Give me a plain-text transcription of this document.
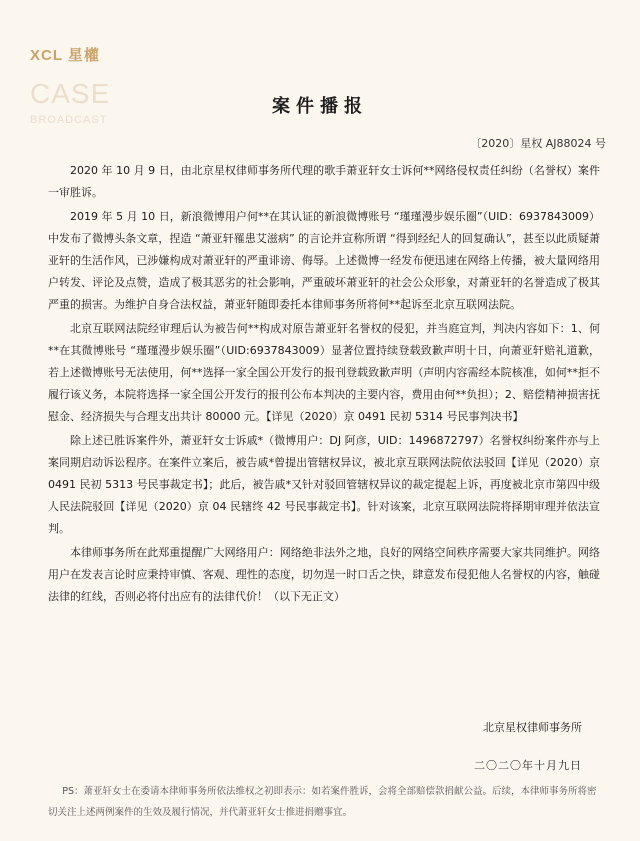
XCL 星權
CASE
BROADCAST
案件播报
〔2020〕星权 AJ88024 号

2020 年 10 月 9 日，由北京星权律师事务所代理的歌手萧亚轩女士诉何**网络侵权责任纠纷（名誉权）案件一审胜诉。

2019 年 5 月 10 日，新浪微博用户何**在其认证的新浪微博账号 “瑾瑾漫步娱乐圈”（UID：6937843009）中发布了微博头条文章，捏造 “萧亚轩罹患艾滋病” 的言论并宣称所谓 “得到经纪人的回复确认”，甚至以此质疑萧亚轩的生活作风，已涉嫌构成对萧亚轩的严重诽谤、侮辱。上述微博一经发布便迅速在网络上传播，被大量网络用户转发、评论及点赞，造成了极其恶劣的社会影响，严重破坏萧亚轩的社会公众形象，对萧亚轩的名誉造成了极其严重的损害。为维护自身合法权益，萧亚轩随即委托本律师事务所将何**起诉至北京互联网法院。

北京互联网法院经审理后认为被告何**构成对原告萧亚轩名誉权的侵犯，并当庭宣判，判决内容如下：1、何**在其微博账号 “瑾瑾漫步娱乐圈”（UID:6937843009）显著位置持续登载致歉声明十日，向萧亚轩赔礼道歉，若上述微博账号无法使用，何**选择一家全国公开发行的报刊登载致歉声明（声明内容需经本院核准，如何**拒不履行该义务，本院将选择一家全国公开发行的报刊公布本判决的主要内容，费用由何**负担）；2、赔偿精神损害抚慰金、经济损失与合理支出共计 80000 元。【详见（2020）京 0491 民初 5314 号民事判决书】

除上述已胜诉案件外，萧亚轩女士诉戚*（微博用户：DJ 阿彦，UID：1496872797）名誉权纠纷案件亦与上案同期启动诉讼程序。在案件立案后，被告戚*曾提出管辖权异议，被北京互联网法院依法驳回【详见（2020）京 0491 民初 5313 号民事裁定书】；此后，被告戚*又针对驳回管辖权异议的裁定提起上诉，再度被北京市第四中级人民法院驳回【详见（2020）京 04 民辖终 42 号民事裁定书】。针对该案，北京互联网法院将择期审理并依法宣判。

本律师事务所在此郑重提醒广大网络用户：网络绝非法外之地，良好的网络空间秩序需要大家共同维护。网络用户在发表言论时应秉持审慎、客观、理性的态度，切勿逞一时口舌之快，肆意发布侵犯他人名誉权的内容，触碰法律的红线，否则必将付出应有的法律代价！（以下无正文）

北京星权律师事务所
二〇二〇年十月九日
PS：萧亚轩女士在委请本律师事务所依法维权之初即表示：如若案件胜诉，会将全部赔偿款捐献公益。后续，本律师事务所将密切关注上述两例案件的生效及履行情况，并代萧亚轩女士推进捐赠事宜。
